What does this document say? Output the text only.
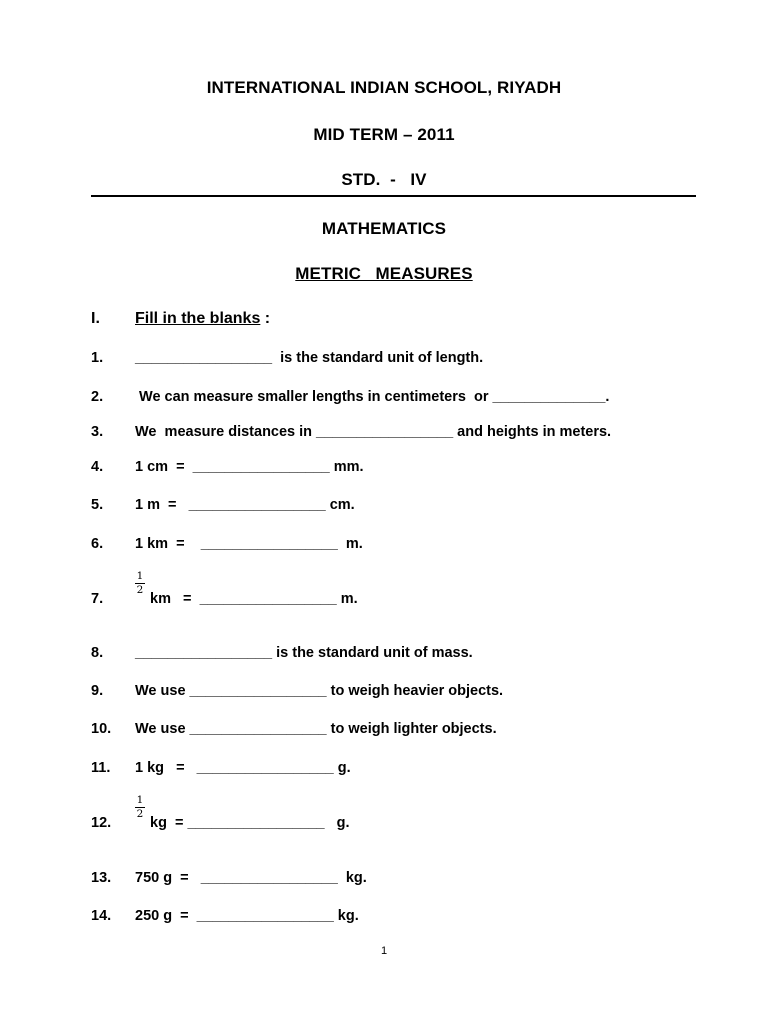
INTERNATIONAL INDIAN SCHOOL, RIYADH
MID TERM – 2011
STD.  -   IV
MATHEMATICS
METRIC   MEASURES
I. Fill in the blanks :
1. _________________  is the standard unit of length.
2. We can measure smaller lengths in centimeters  or ______________.
3. We  measure distances in _________________ and heights in meters.
4. 1 cm  =  _________________ mm.
5. 1 m  =   _________________ cm.
6. 1 km  =    _________________  m.
1
2
7.	km   =  _________________ m.
8. _________________ is the standard unit of mass.
9. We use _________________ to weigh heavier objects.
10. We use _________________ to weigh lighter objects.
11. 1 kg   =   _________________ g.
1
2
12.	kg  = _________________   g.
13. 750 g  =   _________________  kg.
14. 250 g  =  _________________ kg.
1
